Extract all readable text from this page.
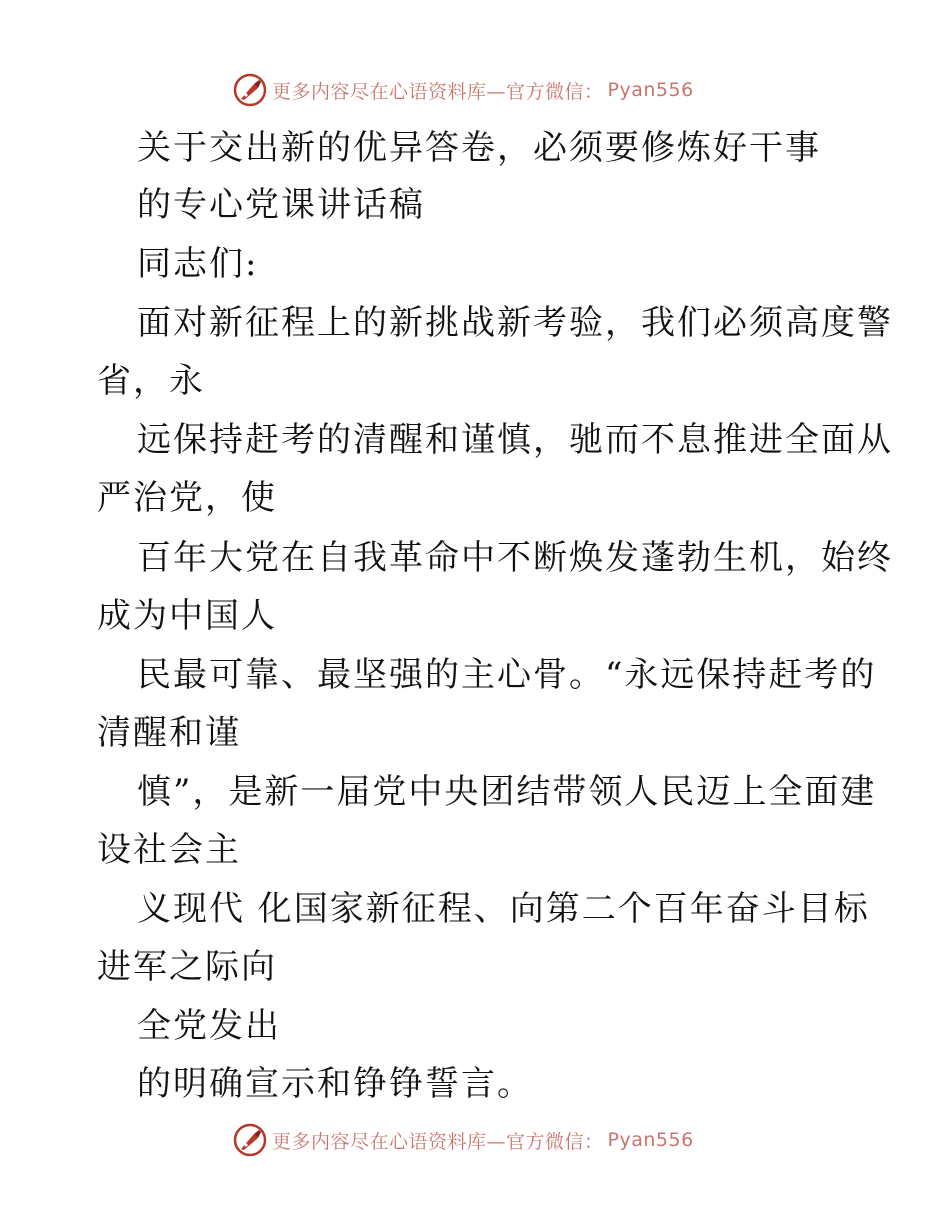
更多内容尽在心语资料库—官方微信： Pyan556
关于交出新的优异答卷，必须要修炼好干事
的专心党课讲话稿
同志们:
面对新征程上的新挑战新考验，我们必须高度警
省，永
远保持赶考的清醒和谨慎，驰而不息推进全面从
严治党，使
百年大党在自我革命中不断焕发蓬勃生机，始终
成为中国人
民最可靠、最坚强的主心骨。“永远保持赶考的
清醒和谨
慎”，是新一届党中央团结带领人民迈上全面建
设社会主
义现代 化国家新征程、向第二个百年奋斗目标
进军之际向
全党发出
的明确宣示和铮铮誓言。
更多内容尽在心语资料库—官方微信： Pyan556
